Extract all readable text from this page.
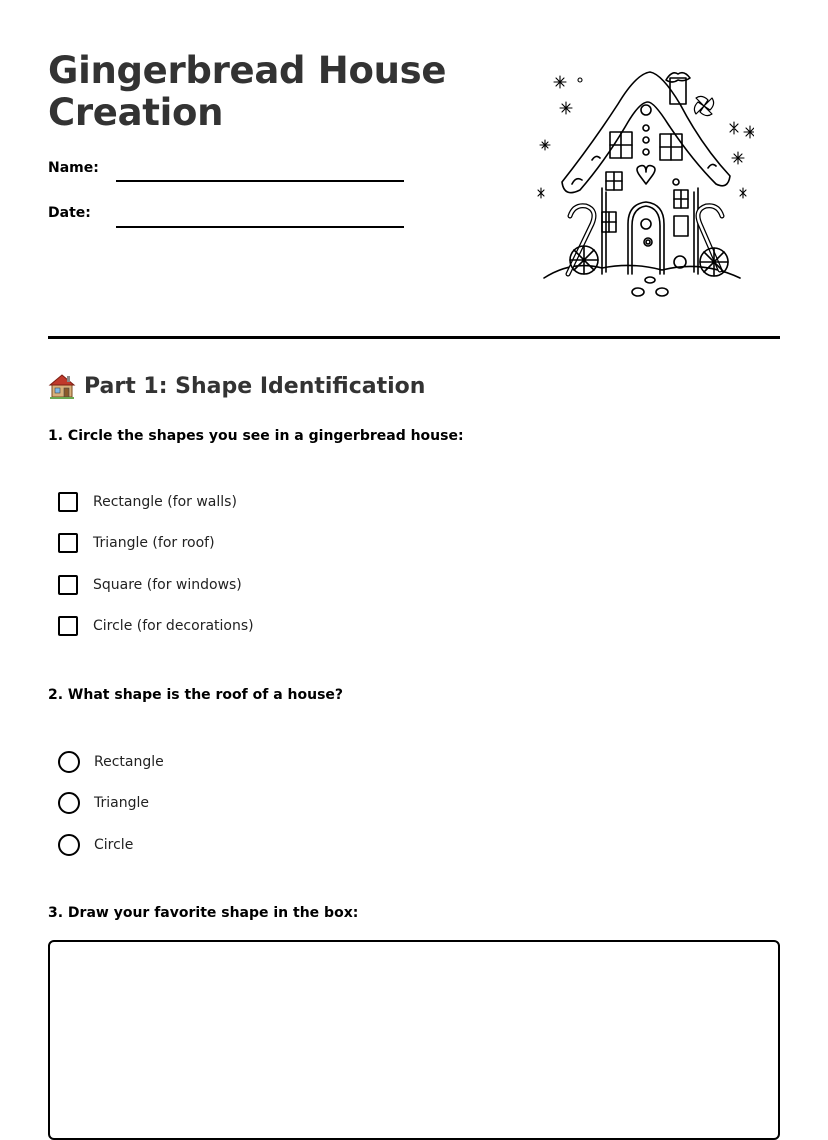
Gingerbread House
Creation
Name:
Date:
Part 1: Shape Identification

1. Circle the shapes you see in a gingerbread house:

Rectangle (for walls)
Triangle (for roof)
Square (for windows)
Circle (for decorations)

2. What shape is the roof of a house?

Rectangle
Triangle
Circle

3. Draw your favorite shape in the box:
